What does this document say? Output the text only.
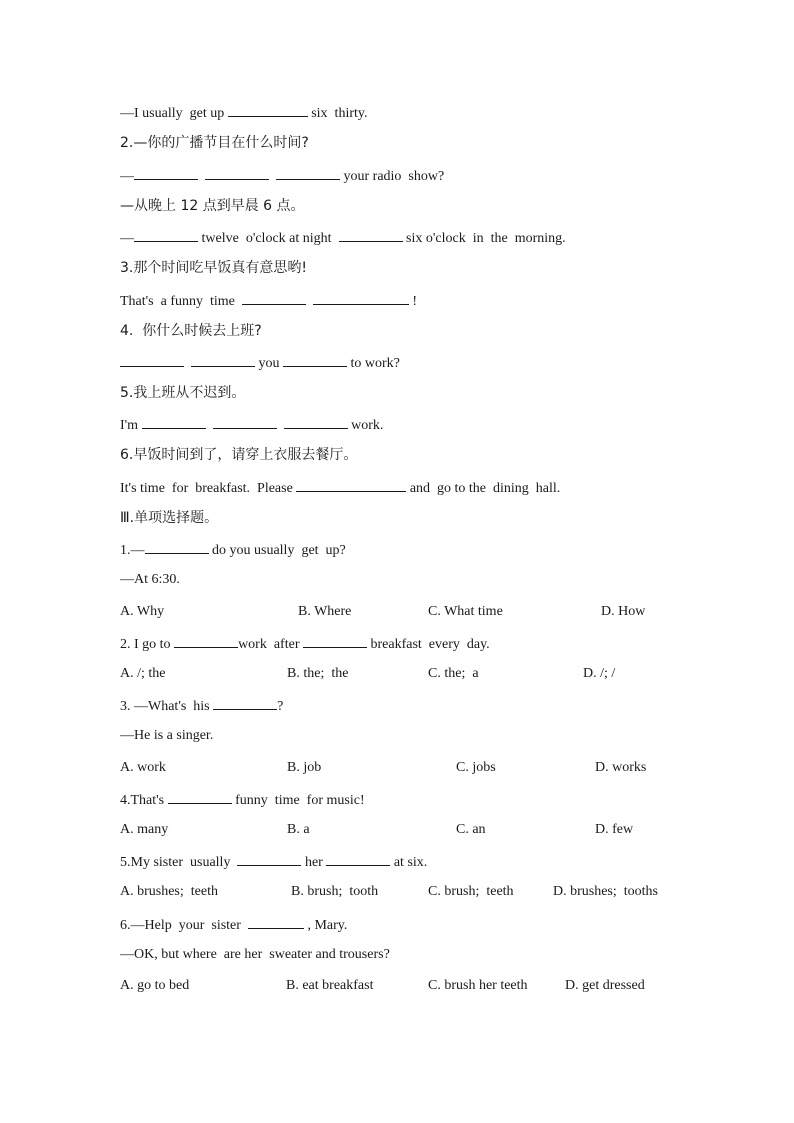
—I usually  get up	six  thirty.
2.—你的广播节目在什么时间?
—	your radio  show?
—从晚上 12 点到早晨 6 点。
—	twelve  o'clock at night	six o'clock  in  the  morning.
3.那个时间吃早饭真有意思哟!
That's  a funny  time	!
4.  你什么时候去上班?
you	to work?
5.我上班从不迟到。
I'm	work.
6.早饭时间到了，请穿上衣服去餐厅。
It's time  for  breakfast.  Please	and  go to the  dining  hall.
Ⅲ.单项选择题。
1.—	do you usually  get  up?
—At 6:30.
A. Why	B. Where	C. What time	D. How
2. I go to	work  after	breakfast  every  day.
A. /; the	B. the;  the	C. the;  a	D. /; /
3. —What's  his	?
—He is a singer.
A. work	B. job	C. jobs	D. works
4.That's	funny  time  for music!
A. many	B. a	C. an	D. few
5.My sister  usually	her	at six.
A. brushes;  teeth	B. brush;  tooth	C. brush;  teeth	D. brushes;  tooths
6.—Help  your  sister	, Mary.
—OK, but where  are her  sweater and trousers?
A. go to bed	B. eat breakfast	C. brush her teeth	D. get dressed
